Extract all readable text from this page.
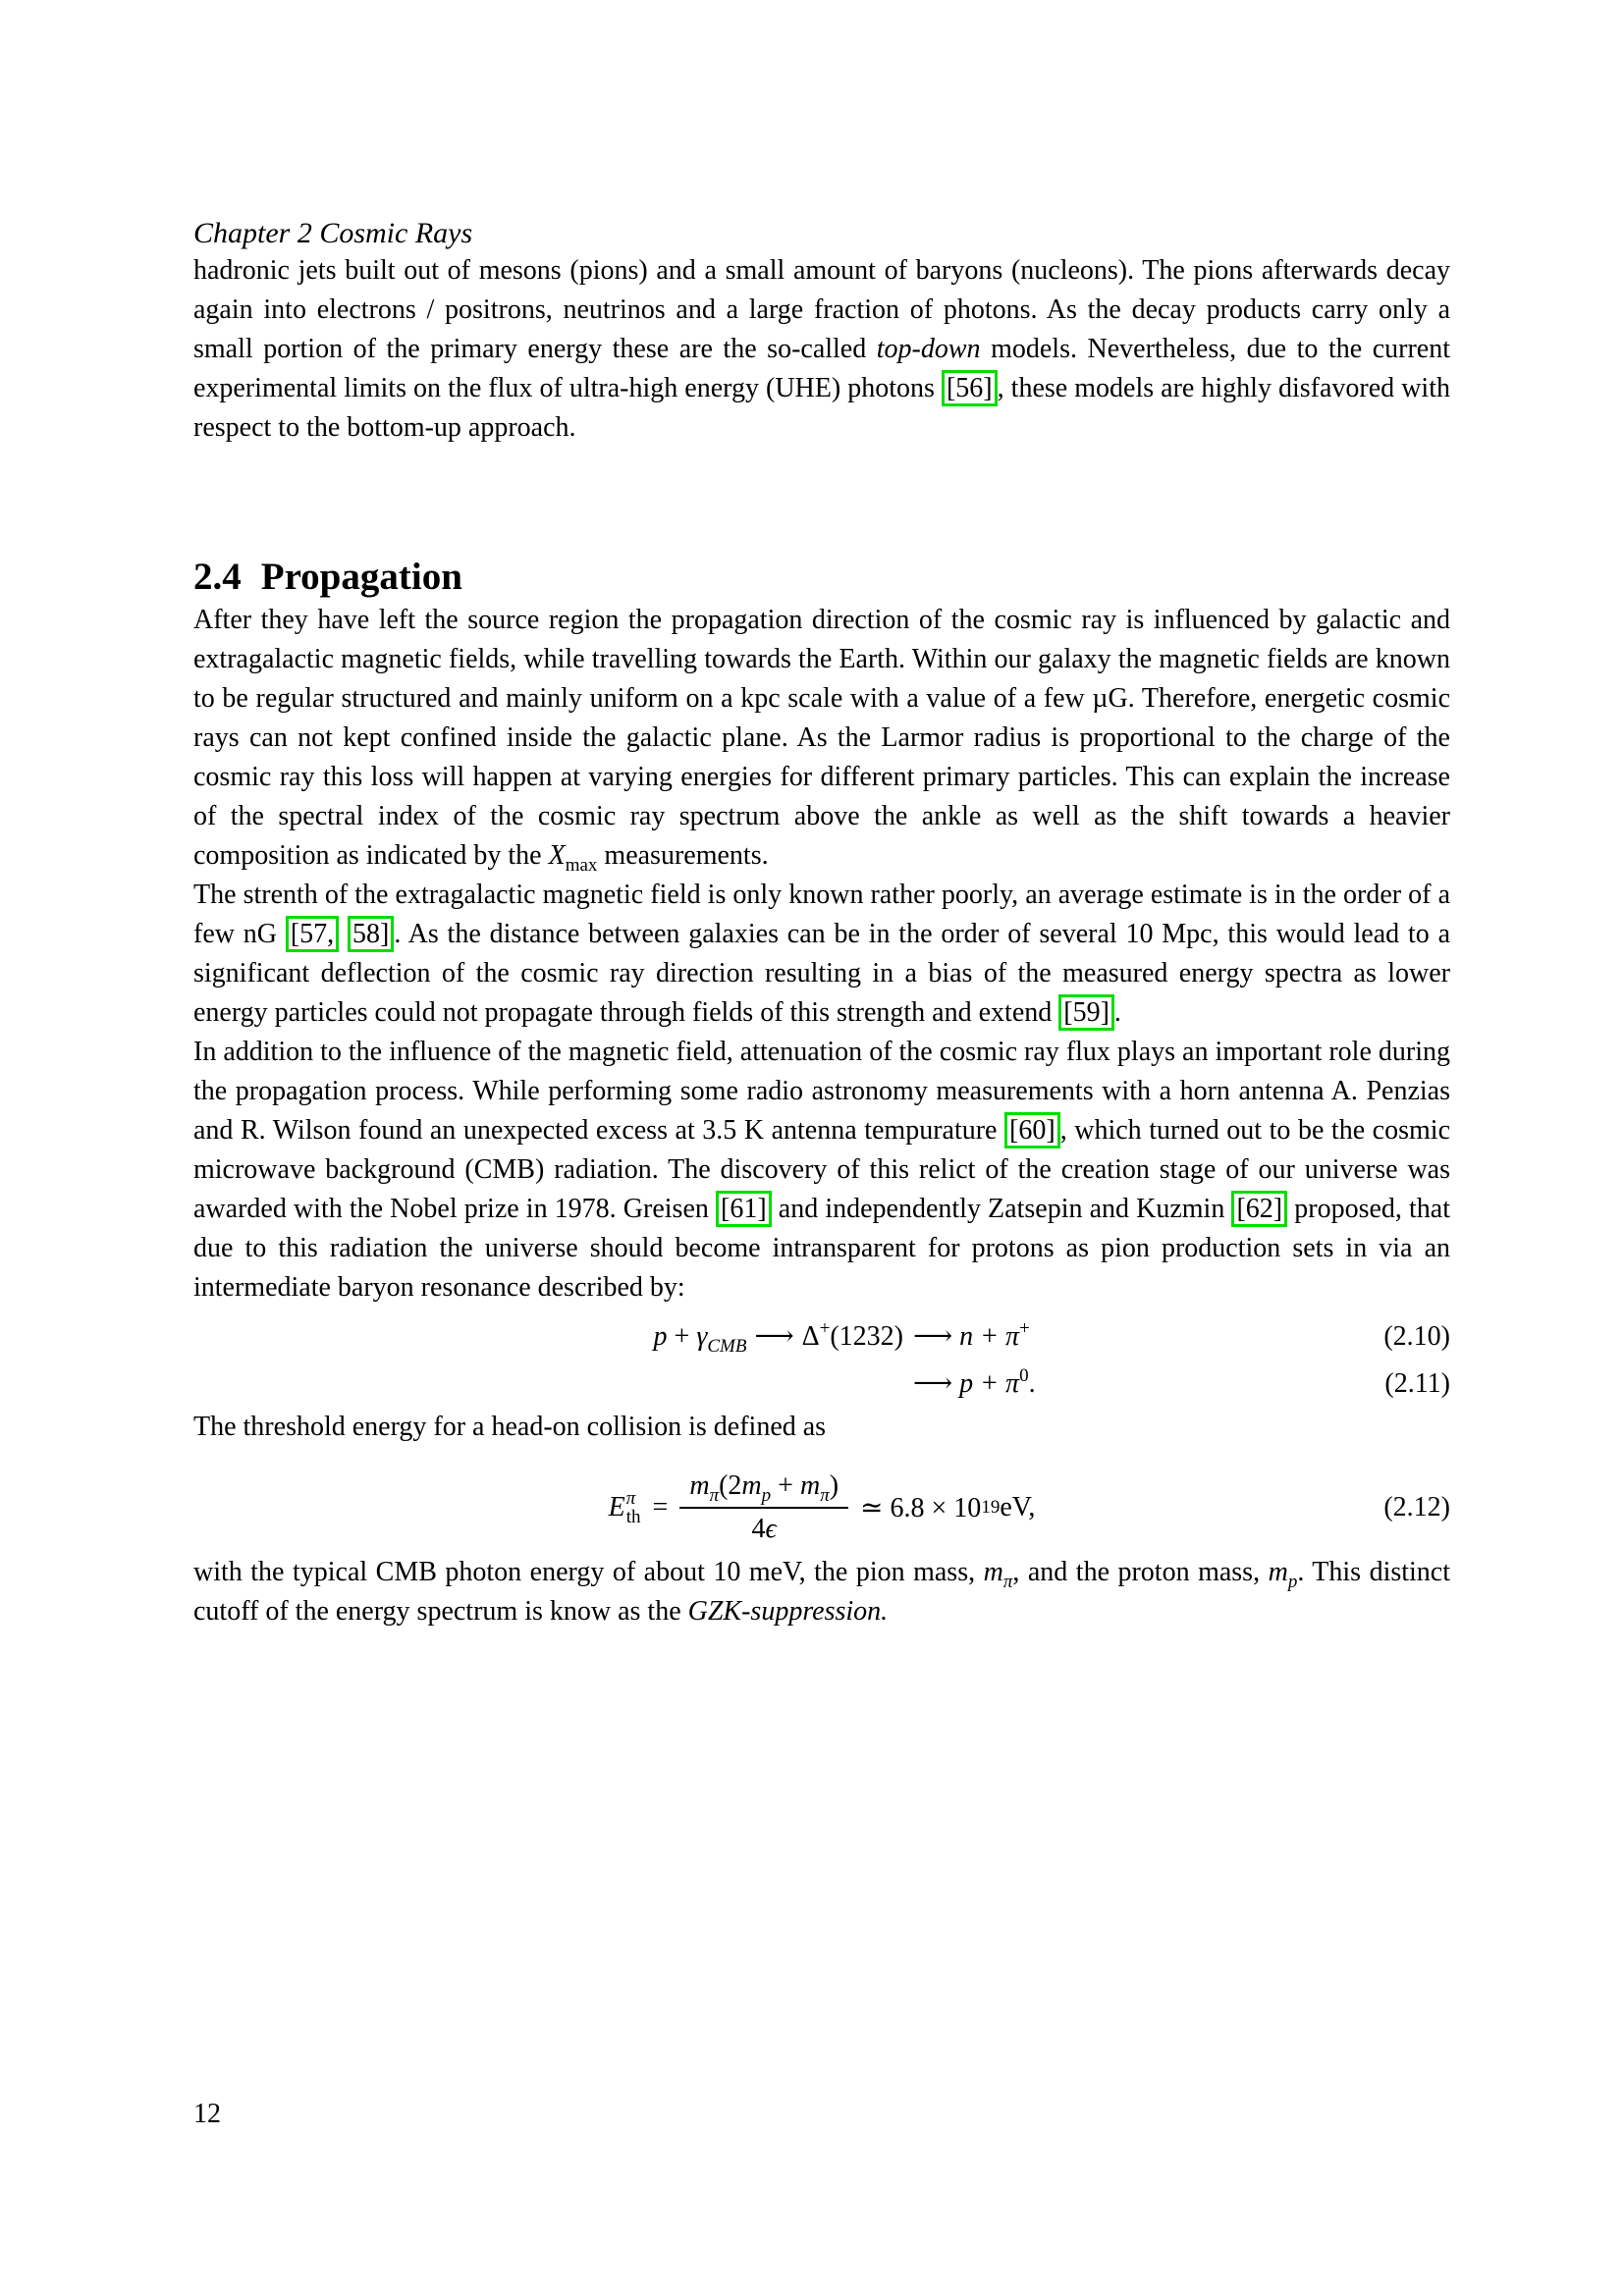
Chapter 2 Cosmic Rays

hadronic jets built out of mesons (pions) and a small amount of baryons (nucleons). The pions afterwards decay again into electrons / positrons, neutrinos and a large fraction of photons. As the decay products carry only a small portion of the primary energy these are the so-called top-down models. Nevertheless, due to the current experimental limits on the flux of ultra-high energy (UHE) photons [56] , these models are highly disfavored with respect to the bottom-up approach.

2.4 Propagation

After they have left the source region the propagation direction of the cosmic ray is influenced by galactic and extragalactic magnetic fields, while travelling towards the Earth. Within our galaxy the magnetic fields are known to be regular structured and mainly uniform on a kpc scale with a value of a few µG. Therefore, energetic cosmic rays can not kept confined inside the galactic plane. As the Larmor radius is proportional to the charge of the cosmic ray this loss will happen at varying energies for different primary particles. This can explain the increase of the spectral index of the cosmic ray spectrum above the ankle as well as the shift towards a heavier composition as indicated by the $X_{max}$ measurements.

The strenth of the extragalactic magnetic field is only known rather poorly, an average estimate is in the order of a few nG [57, 58] . As the distance between galaxies can be in the order of several 10 Mpc, this would lead to a significant deflection of the cosmic ray direction resulting in a bias of the measured energy spectra as lower energy particles could not propagate through fields of this strength and extend [59] .

In addition to the influence of the magnetic field, attenuation of the cosmic ray flux plays an important role during the propagation process. While performing some radio astronomy measurements with a horn antenna A. Penzias and R. Wilson found an unexpected excess at 3.5 K antenna tempurature [60] , which turned out to be the cosmic microwave background (CMB) radiation. The discovery of this relict of the creation stage of our universe was awarded with the Nobel prize in 1978. Greisen [61] and independently Zatsepin and Kuzmin [62] proposed, that due to this radiation the universe should become intransparent for protons as pion production sets in via an intermediate baryon resonance described by:

$p + \gamma_{CMB}$ ⟶ Δ+(1232) ⟶ n + π+	(2.10)
⟶ $p + \pi^0$.	(2.11)

The threshold energy for a head-on collision is defined as

E π
th = $\frac{m_\pi(2m_p + m_\pi)}{4\epsilon}$ ≃ 6.8 × 10 19 eV,	(2.12)

with the typical CMB photon energy of about 10 meV, the pion mass, $m_\pi$, and the proton mass, $m_p$. This distinct cutoff of the energy spectrum is know as the GZK-suppression.

12
